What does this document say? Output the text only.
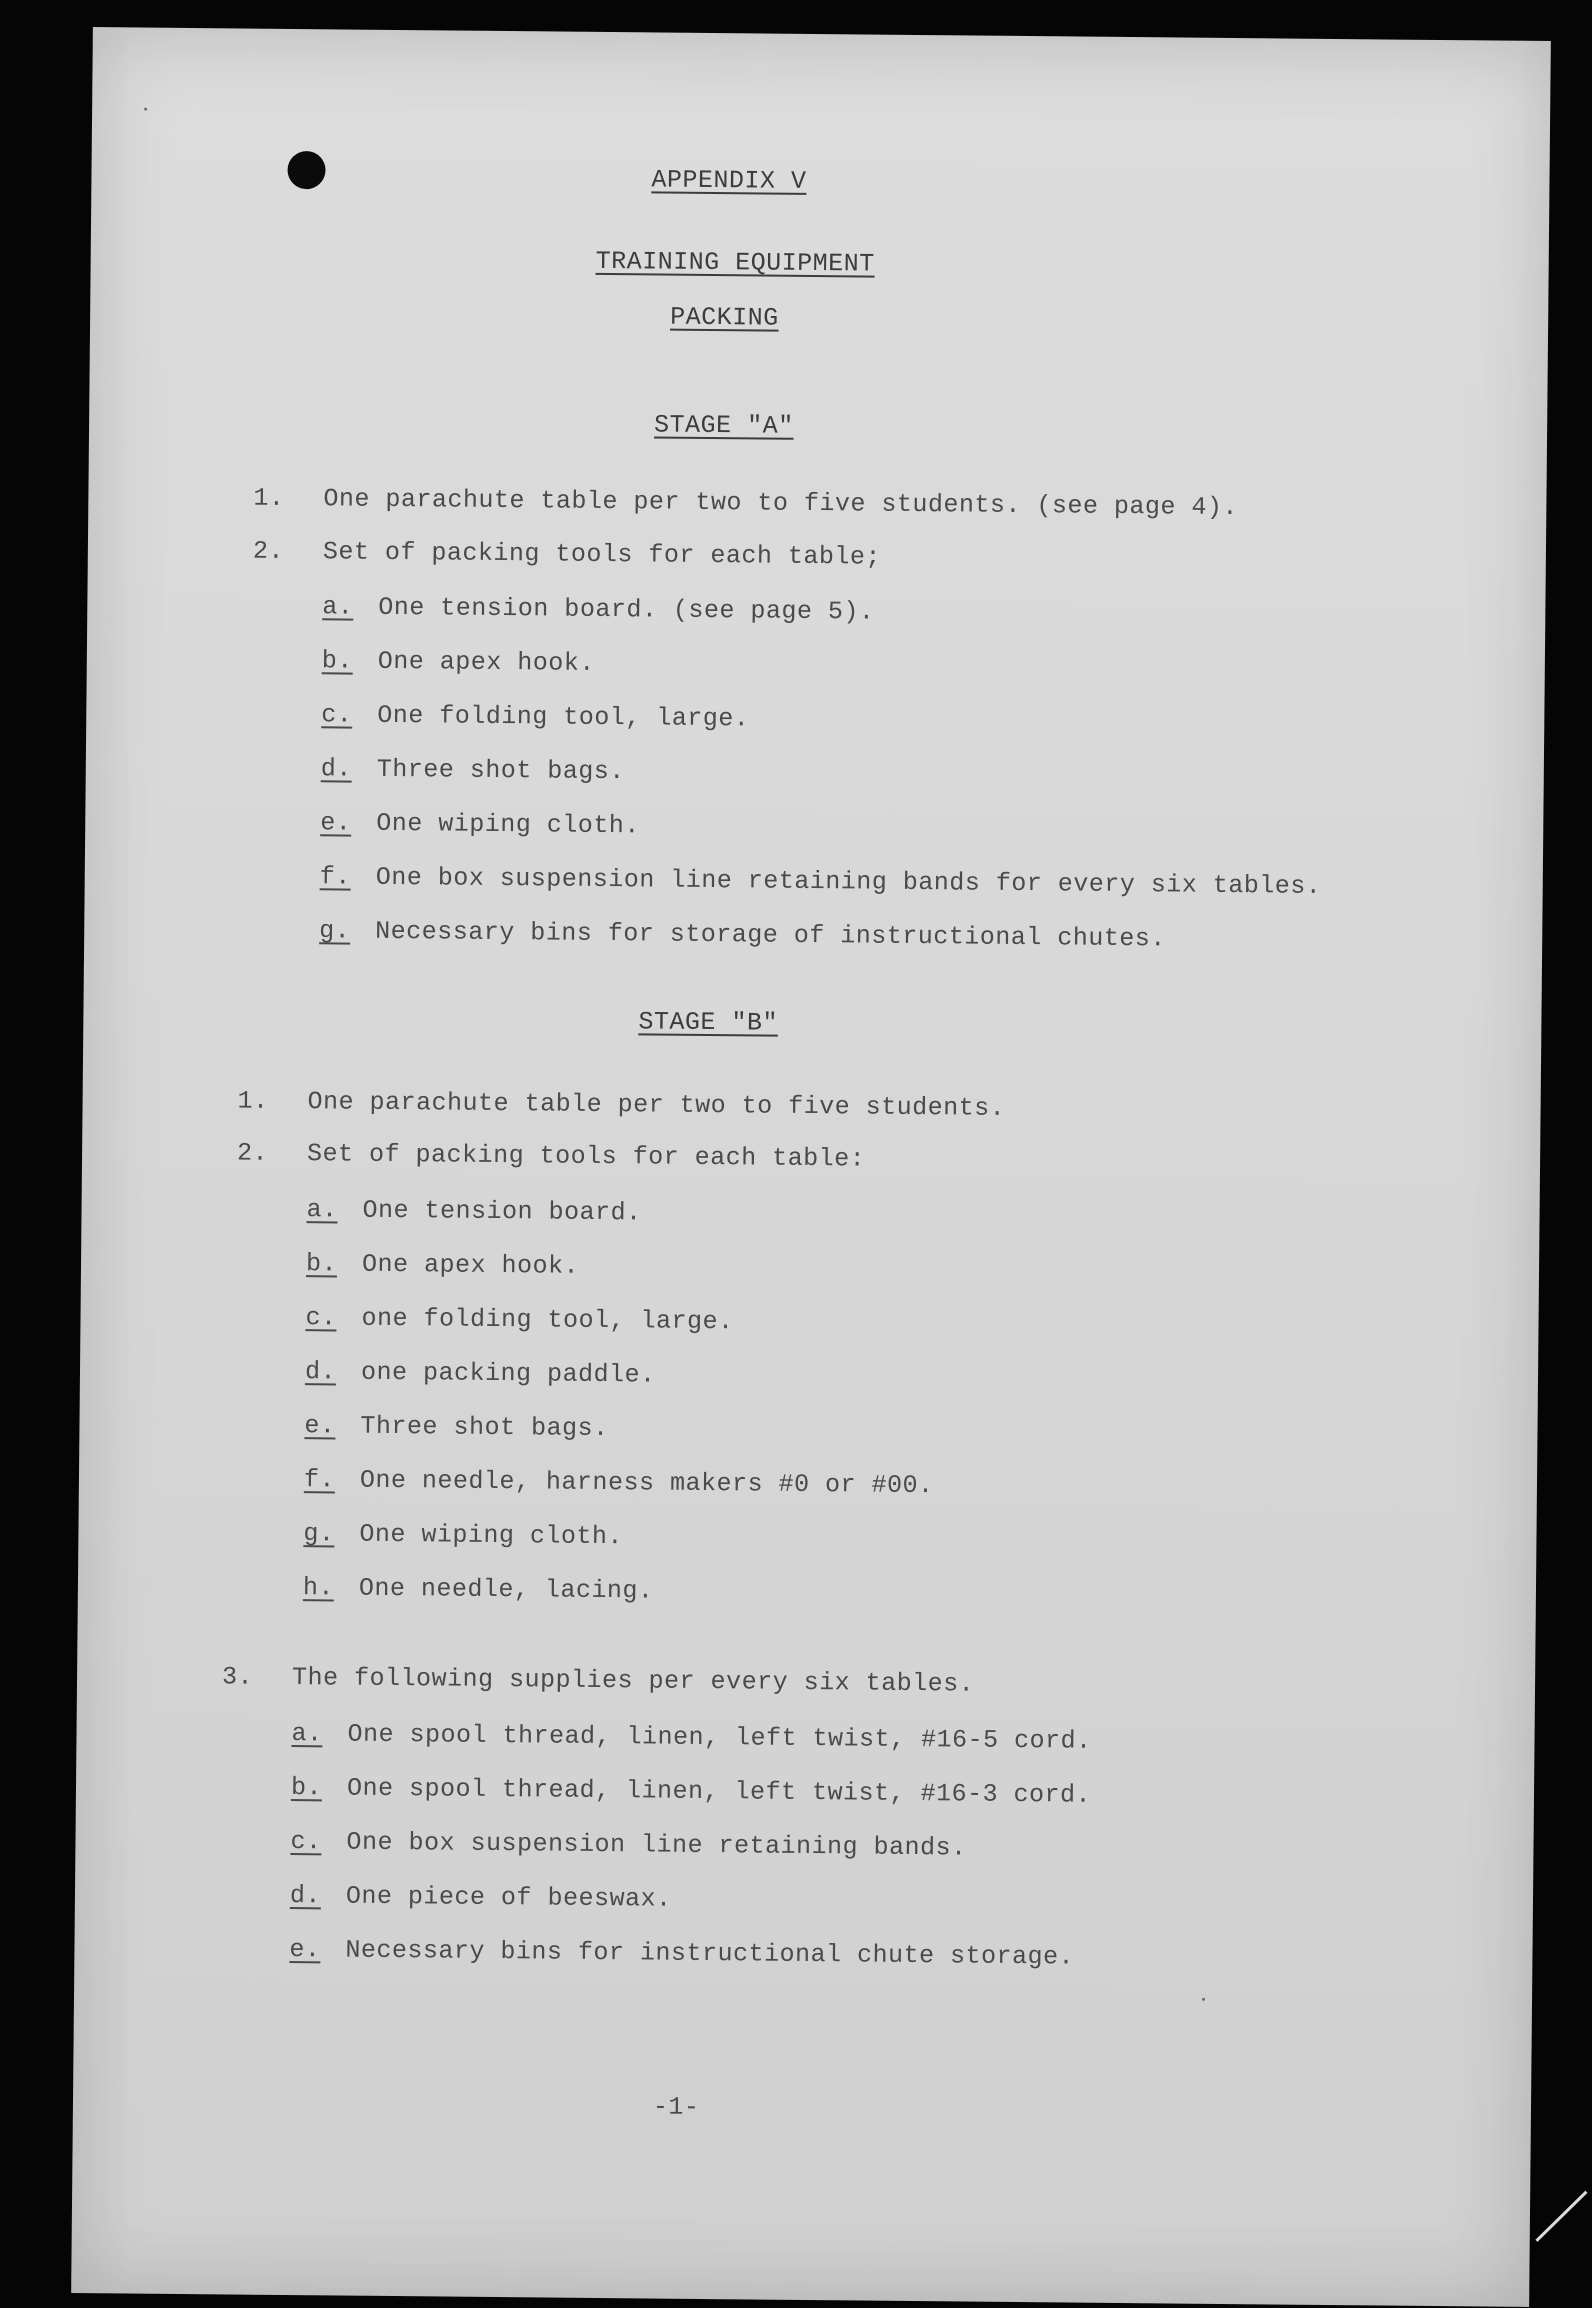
APPENDIX V
TRAINING EQUIPMENT
PACKING
STAGE "A"
1. One parachute table per two to five students. (see page 4).
2. Set of packing tools for each table;
a. One tension board. (see page 5).
b. One apex hook.
c. One folding tool, large.
d. Three shot bags.
e. One wiping cloth.
f. One box suspension line retaining bands for every six tables.
g. Necessary bins for storage of instructional chutes.
STAGE "B"
1. One parachute table per two to five students.
2. Set of packing tools for each table:
a. One tension board.
b. One apex hook.
c. one folding tool, large.
d. one packing paddle.
e. Three shot bags.
f. One needle, harness makers #0 or #00.
g. One wiping cloth.
h. One needle, lacing.
3. The following supplies per every six tables.
a. One spool thread, linen, left twist, #16-5 cord.
b. One spool thread, linen, left twist, #16-3 cord.
c. One box suspension line retaining bands.
d. One piece of beeswax.
e. Necessary bins for instructional chute storage.
-1-
